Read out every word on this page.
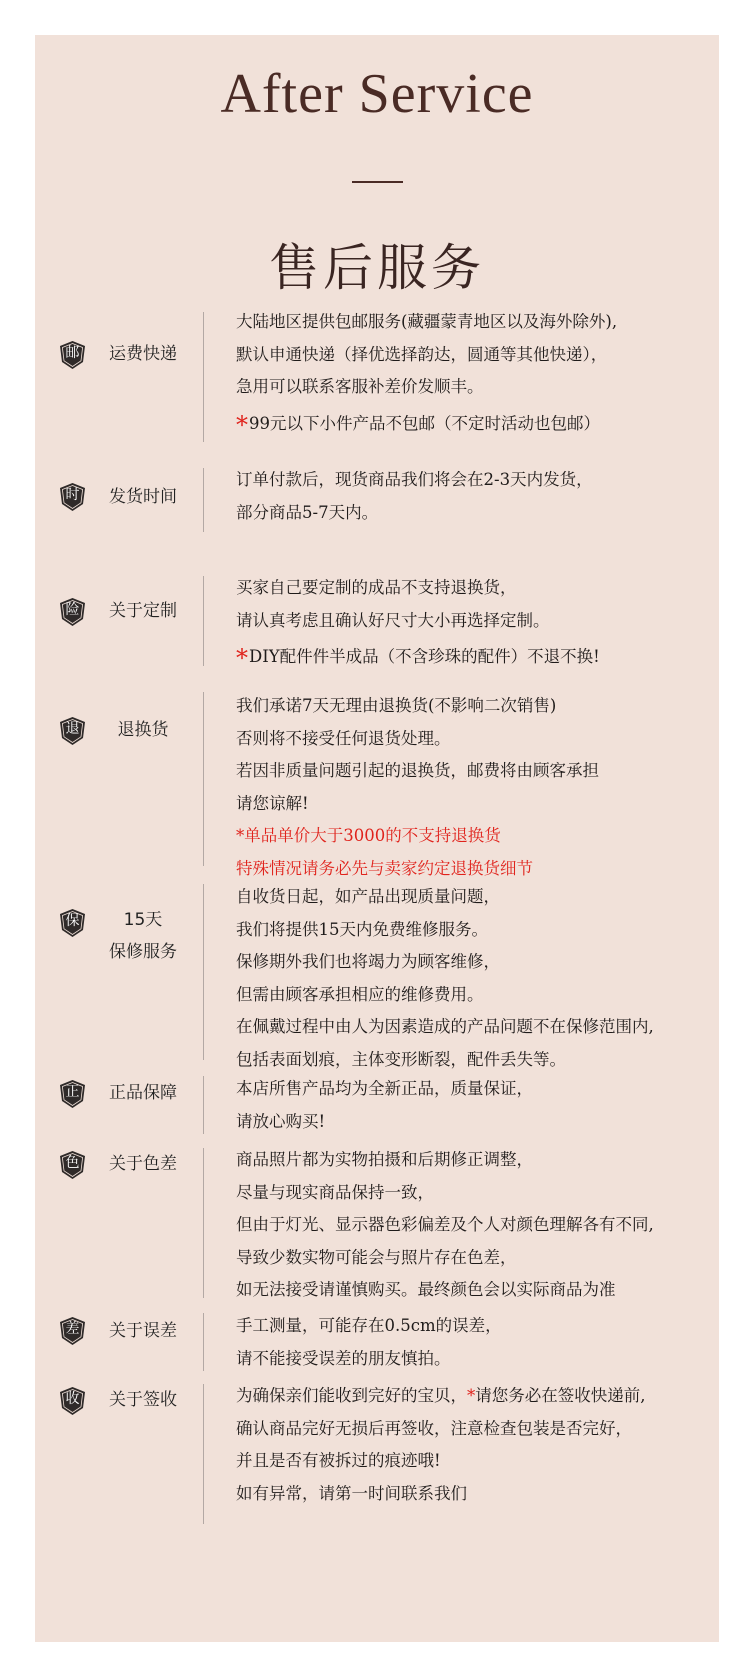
After Service
售后服务
邮	运费快递
大陆地区提供包邮服务(藏疆蒙青地区以及海外除外),
默认申通快递（择优选择韵达，圆通等其他快递），
急用可以联系客服补差价发顺丰。
*99元以下小件产品不包邮（不定时活动也包邮）
时	发货时间
订单付款后，现货商品我们将会在2-3天内发货，
部分商品5-7天内。
险	关于定制
买家自己要定制的成品不支持退换货，
请认真考虑且确认好尺寸大小再选择定制。
*DIY配件件半成品（不含珍珠的配件）不退不换!
退	退换货
我们承诺7天无理由退换货(不影响二次销售)
否则将不接受任何退货处理。
若因非质量问题引起的退换货，邮费将由顾客承担
请您谅解!
*单品单价大于3000的不支持退换货
特殊情况请务必先与卖家约定退换货细节
保	15天
保修服务
自收货日起，如产品出现质量问题，
我们将提供15天内免费维修服务。
保修期外我们也将竭力为顾客维修，
但需由顾客承担相应的维修费用。
在佩戴过程中由人为因素造成的产品问题不在保修范围内,
包括表面划痕，主体变形断裂，配件丢失等。
正	正品保障	本店所售产品均为全新正品，质量保证，
请放心购买!
色	关于色差	商品照片都为实物拍摄和后期修正调整，
尽量与现实商品保持一致，
但由于灯光、显示器色彩偏差及个人对颜色理解各有不同,
导致少数实物可能会与照片存在色差，
如无法接受请谨慎购买。最终颜色会以实际商品为准
差	关于误差	手工测量，可能存在0.5cm的误差，
请不能接受误差的朋友慎拍。
收	关于签收	为确保亲们能收到完好的宝贝，*请您务必在签收快递前,
确认商品完好无损后再签收，注意检查包装是否完好，
并且是否有被拆过的痕迹哦!
如有异常，请第一时间联系我们
